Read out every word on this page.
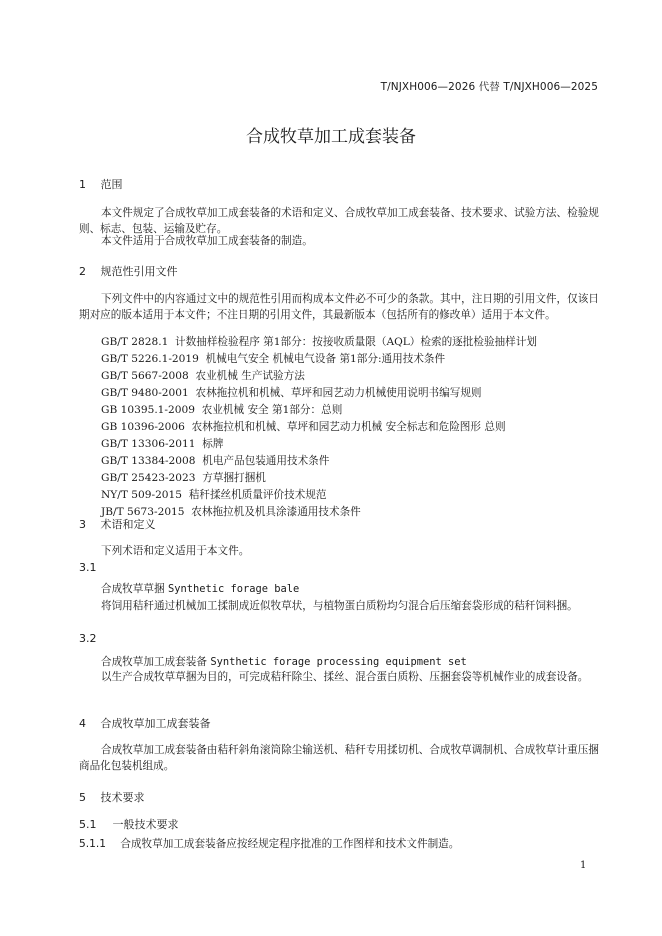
T/NJXH006—2026 代替 T/NJXH006—2025
合成牧草加工成套装备
1 范围
本文件规定了合成牧草加工成套装备的术语和定义、合成牧草加工成套装备、技术要求、试验方法、检验规则、标志、包装、运输及贮存。
本文件适用于合成牧草加工成套装备的制造。
2 规范性引用文件
下列文件中的内容通过文中的规范性引用而构成本文件必不可少的条款。其中，注日期的引用文件，仅该日期对应的版本适用于本文件；不注日期的引用文件，其最新版本（包括所有的修改单）适用于本文件。
GB/T 2828.1  计数抽样检验程序 第1部分：按接收质量限（AQL）检索的逐批检验抽样计划
GB/T 5226.1-2019  机械电气安全 机械电气设备 第1部分:通用技术条件
GB/T 5667-2008  农业机械 生产试验方法
GB/T 9480-2001  农林拖拉机和机械、草坪和园艺动力机械使用说明书编写规则
GB 10395.1-2009  农业机械 安全 第1部分：总则
GB 10396-2006  农林拖拉机和机械、草坪和园艺动力机械 安全标志和危险图形 总则
GB/T 13306-2011  标牌
GB/T 13384-2008  机电产品包装通用技术条件
GB/T 25423-2023  方草捆打捆机
NY/T 509-2015  秸秆揉丝机质量评价技术规范
JB/T 5673-2015  农林拖拉机及机具涂漆通用技术条件
3 术语和定义
下列术语和定义适用于本文件。
3.1
合成牧草草捆 Synthetic forage bale
将饲用秸秆通过机械加工揉制成近似牧草状，与植物蛋白质粉均匀混合后压缩套袋形成的秸秆饲料捆。
3.2
合成牧草加工成套装备 Synthetic forage processing equipment set
以生产合成牧草草捆为目的，可完成秸秆除尘、揉丝、混合蛋白质粉、压捆套袋等机械作业的成套设备。
4 合成牧草加工成套装备
合成牧草加工成套装备由秸秆斜角滚筒除尘输送机、秸秆专用揉切机、合成牧草调制机、合成牧草计重压捆商品化包装机组成。
5 技术要求
5.1 一般技术要求
5.1.1 合成牧草加工成套装备应按经规定程序批准的工作图样和技术文件制造。
1
